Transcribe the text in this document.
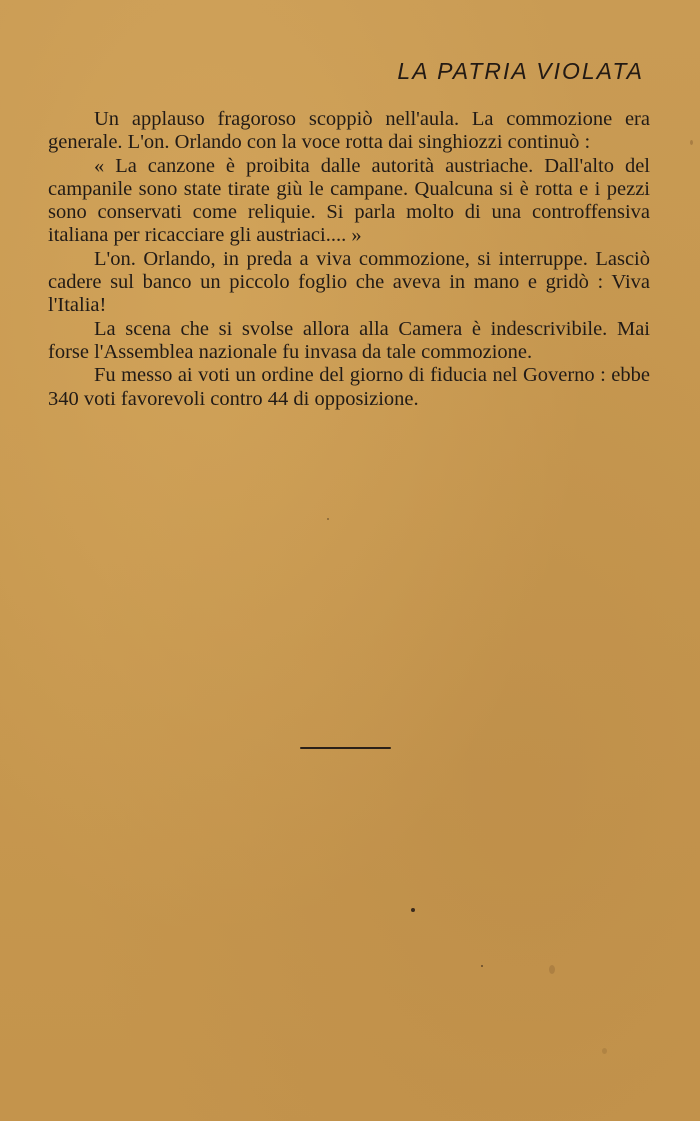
LA PATRIA VIOLATA

Un applauso fragoroso scoppiò nell'aula. La commozione era generale. L'on. Orlando con la voce rotta dai singhiozzi continuò :

« La canzone è proibita dalle autorità austriache. Dall'alto del campanile sono state tirate giù le campane. Qualcuna si è rotta e i pezzi sono conservati come reliquie. Si parla molto di una controffensiva italiana per ricacciare gli austriaci.... »

L'on. Orlando, in preda a viva commozione, si interruppe. Lasciò cadere sul banco un piccolo foglio che aveva in mano e gridò : Viva l'Italia!

La scena che si svolse allora alla Camera è indescrivibile. Mai forse l'Assemblea nazionale fu invasa da tale commozione.

Fu messo ai voti un ordine del giorno di fiducia nel Governo : ebbe 340 voti favorevoli contro 44 di opposizione.
